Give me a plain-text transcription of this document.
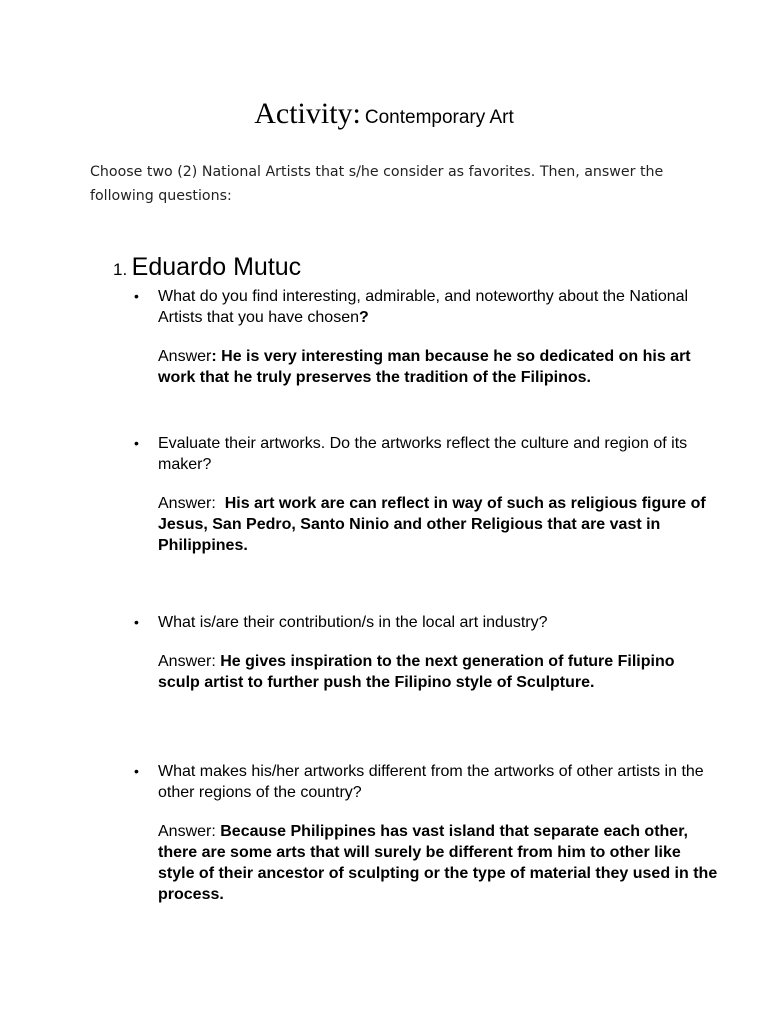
Activity: Contemporary Art
Choose two (2) National Artists that s/he consider as favorites. Then, answer the following questions:
1. Eduardo Mutuc

• What do you find interesting, admirable, and noteworthy about the National Artists that you have chosen?

Answer: He is very interesting man because he so dedicated on his art work that he truly preserves the tradition of the Filipinos.

• Evaluate their artworks. Do the artworks reflect the culture and region of its maker?

Answer:  His art work are can reflect in way of such as religious figure of Jesus, San Pedro, Santo Ninio and other Religious that are vast in Philippines.

• What is/are their contribution/s in the local art industry?

Answer: He gives inspiration to the next generation of future Filipino sculp artist to further push the Filipino style of Sculpture.

• What makes his/her artworks different from the artworks of other artists in the other regions of the country?

Answer: Because Philippines has vast island that separate each other, there are some arts that will surely be different from him to other like style of their ancestor of sculpting or the type of material they used in the process.
